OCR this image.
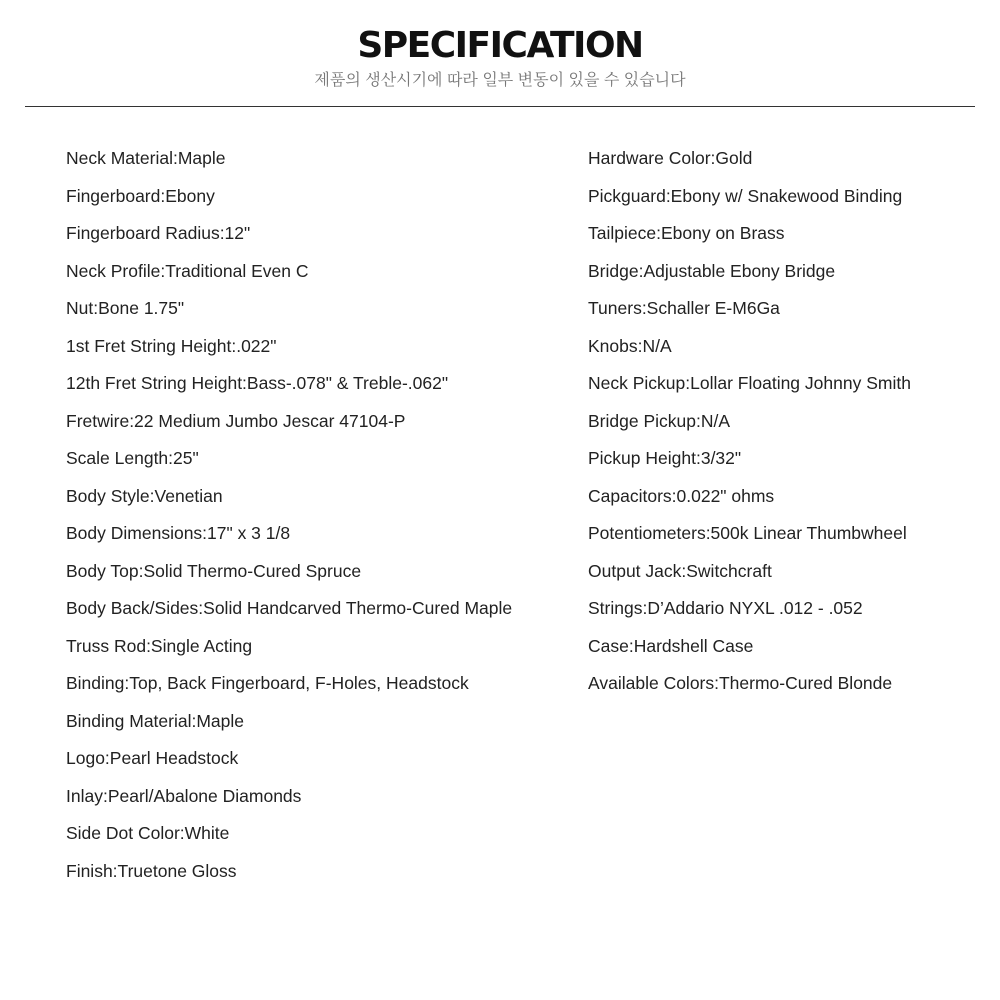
SPECIFICATION
제품의 생산시기에 따라 일부 변동이 있을 수 있습니다
Neck Material:Maple
Fingerboard:Ebony
Fingerboard Radius:12"
Neck Profile:Traditional Even C
Nut:Bone 1.75"
1st Fret String Height:.022"
12th Fret String Height:Bass-.078" & Treble-.062"
Fretwire:22 Medium Jumbo Jescar 47104-P
Scale Length:25"
Body Style:Venetian
Body Dimensions:17" x 3 1/8
Body Top:Solid Thermo-Cured Spruce
Body Back/Sides:Solid Handcarved Thermo-Cured Maple
Truss Rod:Single Acting
Binding:Top, Back Fingerboard, F-Holes, Headstock
Binding Material:Maple
Logo:Pearl Headstock
Inlay:Pearl/Abalone Diamonds
Side Dot Color:White
Finish:Truetone Gloss
Hardware Color:Gold
Pickguard:Ebony w/ Snakewood Binding
Tailpiece:Ebony on Brass
Bridge:Adjustable Ebony Bridge
Tuners:Schaller E-M6Ga
Knobs:N/A
Neck Pickup:Lollar Floating Johnny Smith
Bridge Pickup:N/A
Pickup Height:3/32"
Capacitors:0.022" ohms
Potentiometers:500k Linear Thumbwheel
Output Jack:Switchcraft
Strings:D’Addario NYXL .012 - .052
Case:Hardshell Case
Available Colors:Thermo-Cured Blonde
